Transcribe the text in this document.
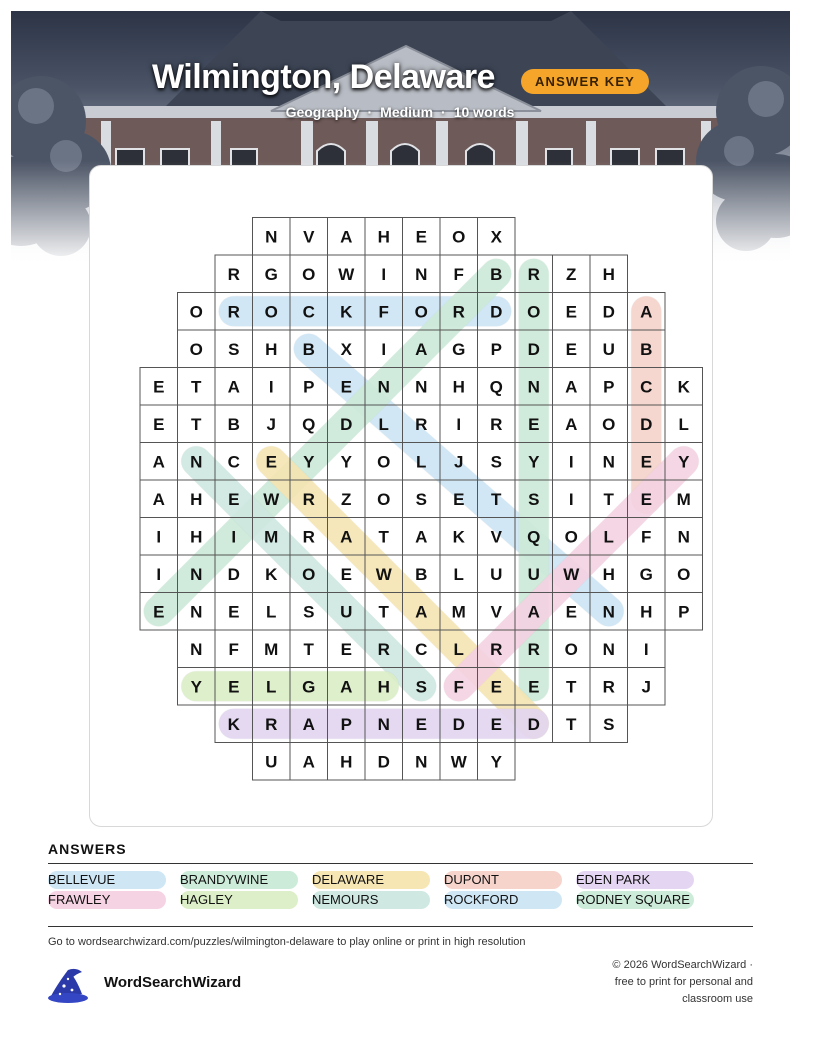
Wilmington, Delaware	ANSWER KEY
Geography · Medium · 10 words
N V A H E O X
R G O W I N F B R Z H
O R O C K F O R D O E D A
O S H B X I A G P D E U B
E T A I P E N N H Q N A P C K
E T B J Q D L R I R E A O D L
A N C E Y Y O L J S Y I N E Y
A H E W R Z O S E T S I T E M
I H I M R A T A K V Q O L F N
I N D K O E W B L U U W H G O
E N E L S U T A M V A E N H P
N F M T E R C L R R O N I
Y E L G A H S F E E T R J
K R A P N E D E D T S
U A H D N W Y
ANSWERS
BELLEVUE	BRANDYWINE	DELAWARE	DUPONT	EDEN PARK
FRAWLEY	HAGLEY	NEMOURS	ROCKFORD	RODNEY SQUARE
Go to wordsearchwizard.com/puzzles/wilmington-delaware to play online or print in high resolution
WordSearchWizard
© 2026 WordSearchWizard ·
free to print for personal and
classroom use
